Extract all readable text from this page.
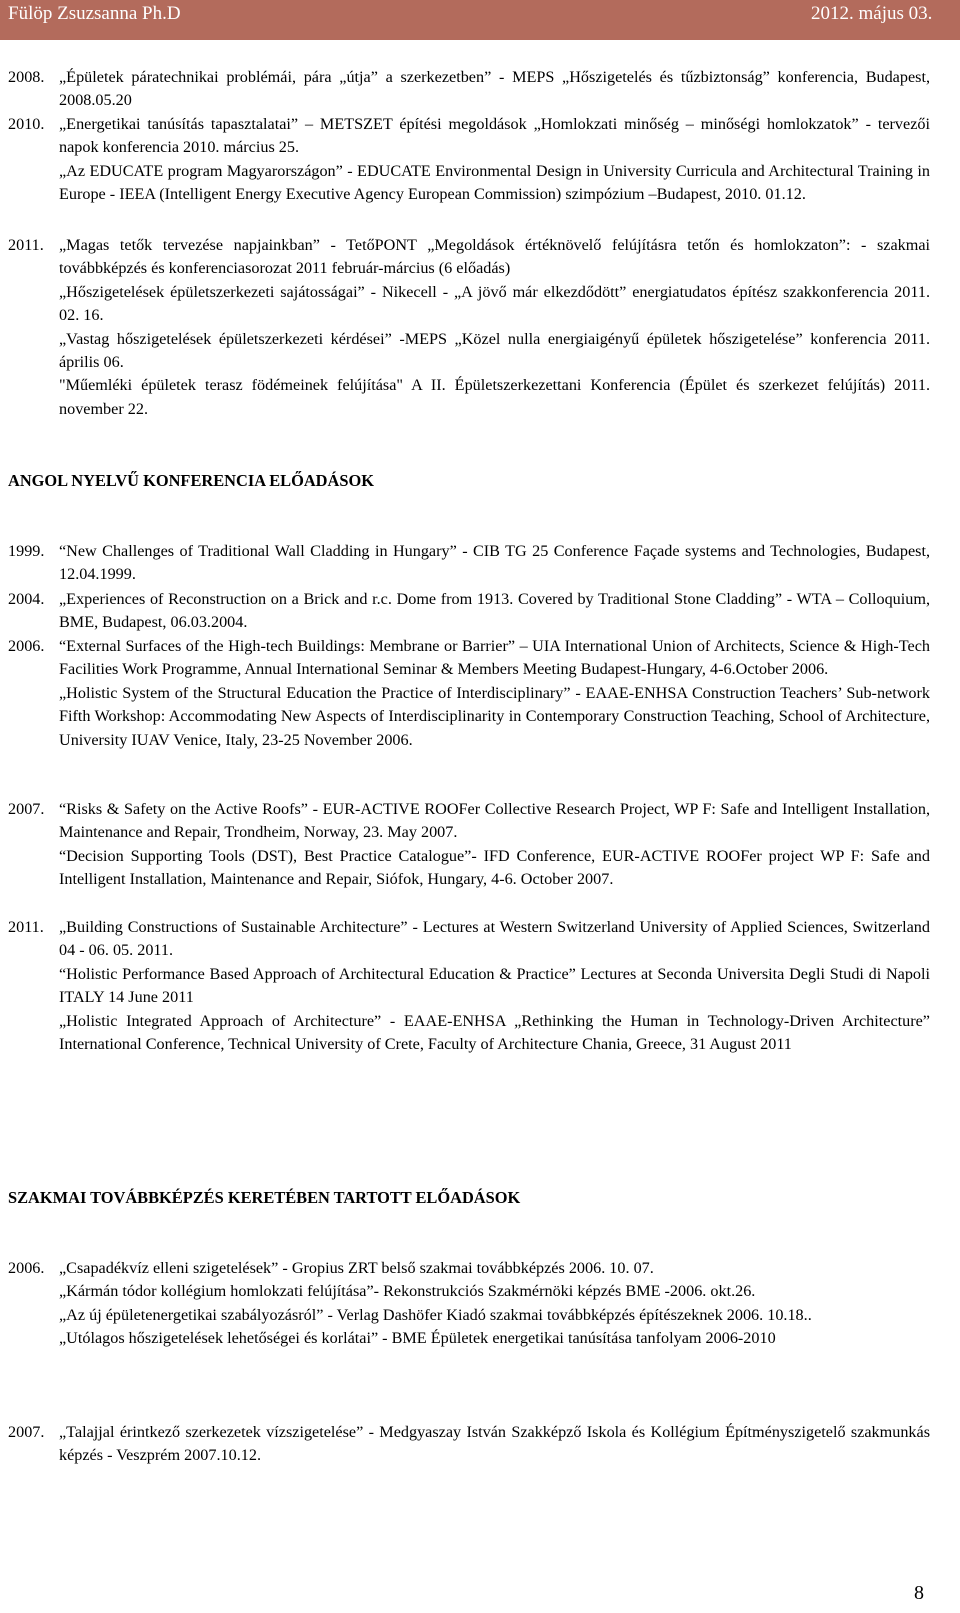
Fülöp Zsuzsanna Ph.D	2012. május 03.
2008. „Épületek páratechnikai problémái, pára „útja” a szerkezetben” - MEPS „Hőszigetelés és tűzbiztonság” konferencia, Budapest, 2008.05.20

2010. „Energetikai tanúsítás tapasztalatai” – METSZET építési megoldások „Homlokzati minőség – minőségi homlokzatok” - tervezői napok konferencia 2010. március 25.

„Az EDUCATE program Magyarországon” - EDUCATE Environmental Design in University Curricula and Architectural Training in Europe - IEEA (Intelligent Energy Executive Agency European Commission) szimpózium –Budapest, 2010. 01.12.

2011. „Magas tetők tervezése napjainkban” - TetőPONT „Megoldások értéknövelő felújításra tetőn és homlokzaton”: - szakmai továbbképzés és konferenciasorozat 2011 február-március (6 előadás)

„Hőszigetelések épületszerkezeti sajátosságai” - Nikecell - „A jövő már elkezdődött” energiatudatos építész szakkonferencia 2011. 02. 16.

„Vastag hőszigetelések épületszerkezeti kérdései” -MEPS „Közel nulla energiaigényű épületek hőszigetelése” konferencia 2011. április 06.

"Műemléki épületek terasz födémeinek felújítása" A II. Épületszerkezettani Konferencia (Épület és szerkezet felújítás) 2011. november 22.

ANGOL NYELVŰ KONFERENCIA ELŐADÁSOK
1999. “New Challenges of Traditional Wall Cladding in Hungary” - CIB TG 25 Conference Façade systems and Technologies, Budapest, 12.04.1999.

2004. „Experiences of Reconstruction on a Brick and r.c. Dome from 1913. Covered by Traditional Stone Cladding” - WTA – Colloquium, BME, Budapest, 06.03.2004.

2006. “External Surfaces of the High-tech Buildings: Membrane or Barrier” – UIA International Union of Architects, Science & High-Tech Facilities Work Programme, Annual International Seminar & Members Meeting Budapest-Hungary, 4-6.October 2006.

„Holistic System of the Structural Education the Practice of Interdisciplinary” - EAAE-ENHSA Construction Teachers’ Sub-network Fifth Workshop: Accommodating New Aspects of Interdisciplinarity in Contemporary Construction Teaching, School of Architecture, University IUAV Venice, Italy, 23-25 November 2006.

2007. “Risks & Safety on the Active Roofs” - EUR-ACTIVE ROOFer Collective Research Project, WP F: Safe and Intelligent Installation, Maintenance and Repair, Trondheim, Norway, 23. May 2007.

“Decision Supporting Tools (DST), Best Practice Catalogue”- IFD Conference, EUR-ACTIVE ROOFer project WP F: Safe and Intelligent Installation, Maintenance and Repair, Siófok, Hungary, 4-6. October 2007.

2011. „Building Constructions of Sustainable Architecture” - Lectures at Western Switzerland University of Applied Sciences, Switzerland 04 - 06. 05. 2011.

“Holistic Performance Based Approach of Architectural Education & Practice” Lectures at Seconda Universita Degli Studi di Napoli ITALY 14 June 2011

„Holistic Integrated Approach of Architecture” - EAAE-ENHSA „Rethinking the Human in Technology-Driven Architecture” International Conference, Technical University of Crete, Faculty of Architecture Chania, Greece, 31 August 2011

SZAKMAI TOVÁBBKÉPZÉS KERETÉBEN TARTOTT ELŐADÁSOK
2006. „Csapadékvíz elleni szigetelések” - Gropius ZRT belső szakmai továbbképzés 2006. 10. 07.

„Kármán tódor kollégium homlokzati felújítása”- Rekonstrukciós Szakmérnöki képzés BME -2006. okt.26.

„Az új épületenergetikai szabályozásról” - Verlag Dashöfer Kiadó szakmai továbbképzés építészeknek 2006. 10.18..

„Utólagos hőszigetelések lehetőségei és korlátai” - BME Épületek energetikai tanúsítása tanfolyam 2006-2010

2007. „Talajjal érintkező szerkezetek vízszigetelése” - Medgyaszay István Szakképző Iskola és Kollégium Építményszigetelő szakmunkás képzés - Veszprém 2007.10.12.

8
